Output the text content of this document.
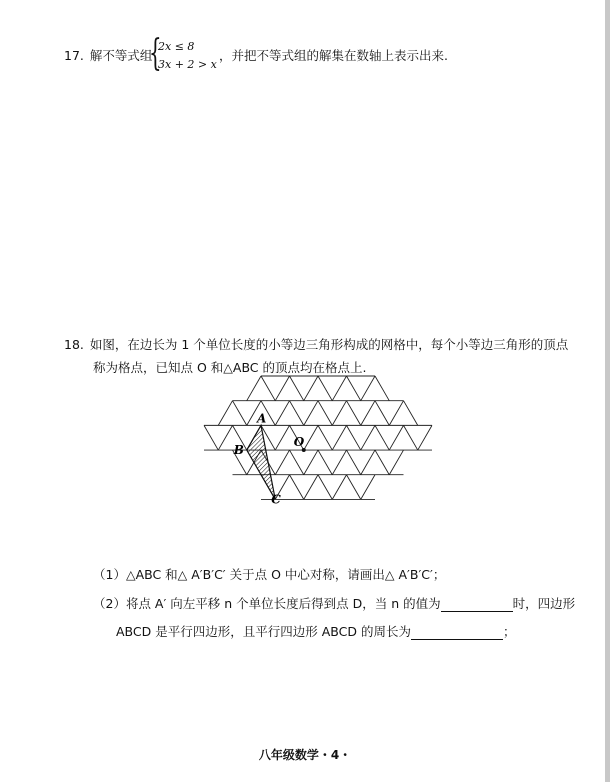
17. 解不等式组
{
2x ≤ 8
3x + 2 > x
，并把不等式组的解集在数轴上表示出来.
18. 如图，在边长为 1 个单位长度的小等边三角形构成的网格中，每个小等边三角形的顶点
称为格点，已知点 O 和△ABC 的顶点均在格点上.
A
B
C
O
（1）△ABC 和△ A′B′C′ 关于点 O 中心对称，请画出△ A′B′C′；
（2）将点 A′ 向左平移 n 个单位长度后得到点 D，当 n 的值为	时，四边形
ABCD 是平行四边形，且平行四边形 ABCD 的周长为	；
八年级数学・4・
